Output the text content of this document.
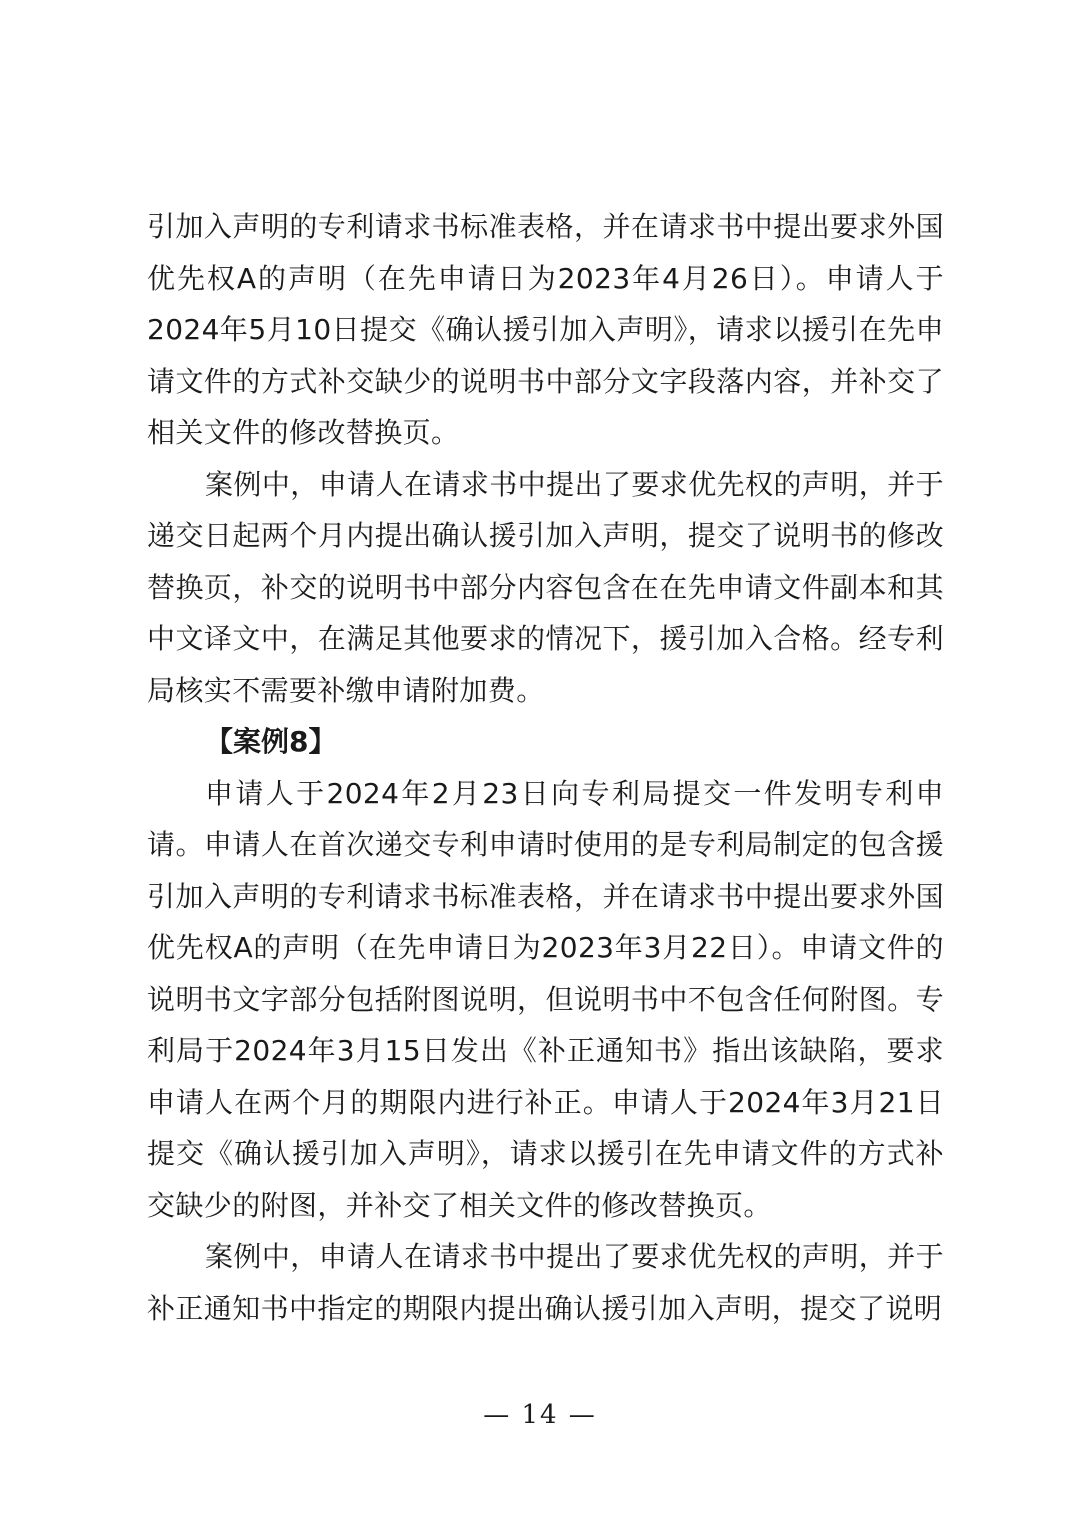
引加入声明的专利请求书标准表格，并在请求书中提出要求外国优先权A的声明（在先申请日为2023年4月26日）。申请人于2024年5月10日提交《确认援引加入声明》，请求以援引在先申请文件的方式补交缺少的说明书中部分文字段落内容，并补交了相关文件的修改替换页。

案例中，申请人在请求书中提出了要求优先权的声明，并于递交日起两个月内提出确认援引加入声明，提交了说明书的修改替换页，补交的说明书中部分内容包含在在先申请文件副本和其中文译文中，在满足其他要求的情况下，援引加入合格。经专利局核实不需要补缴申请附加费。

【案例8】

申请人于2024年2月23日向专利局提交一件发明专利申请。申请人在首次递交专利申请时使用的是专利局制定的包含援引加入声明的专利请求书标准表格，并在请求书中提出要求外国优先权A的声明（在先申请日为2023年3月22日）。申请文件的说明书文字部分包括附图说明，但说明书中不包含任何附图。专利局于2024年3月15日发出《补正通知书》指出该缺陷，要求申请人在两个月的期限内进行补正。申请人于2024年3月21日提交《确认援引加入声明》，请求以援引在先申请文件的方式补交缺少的附图，并补交了相关文件的修改替换页。

案例中，申请人在请求书中提出了要求优先权的声明，并于补正通知书中指定的期限内提出确认援引加入声明，提交了说明

— 14 —
